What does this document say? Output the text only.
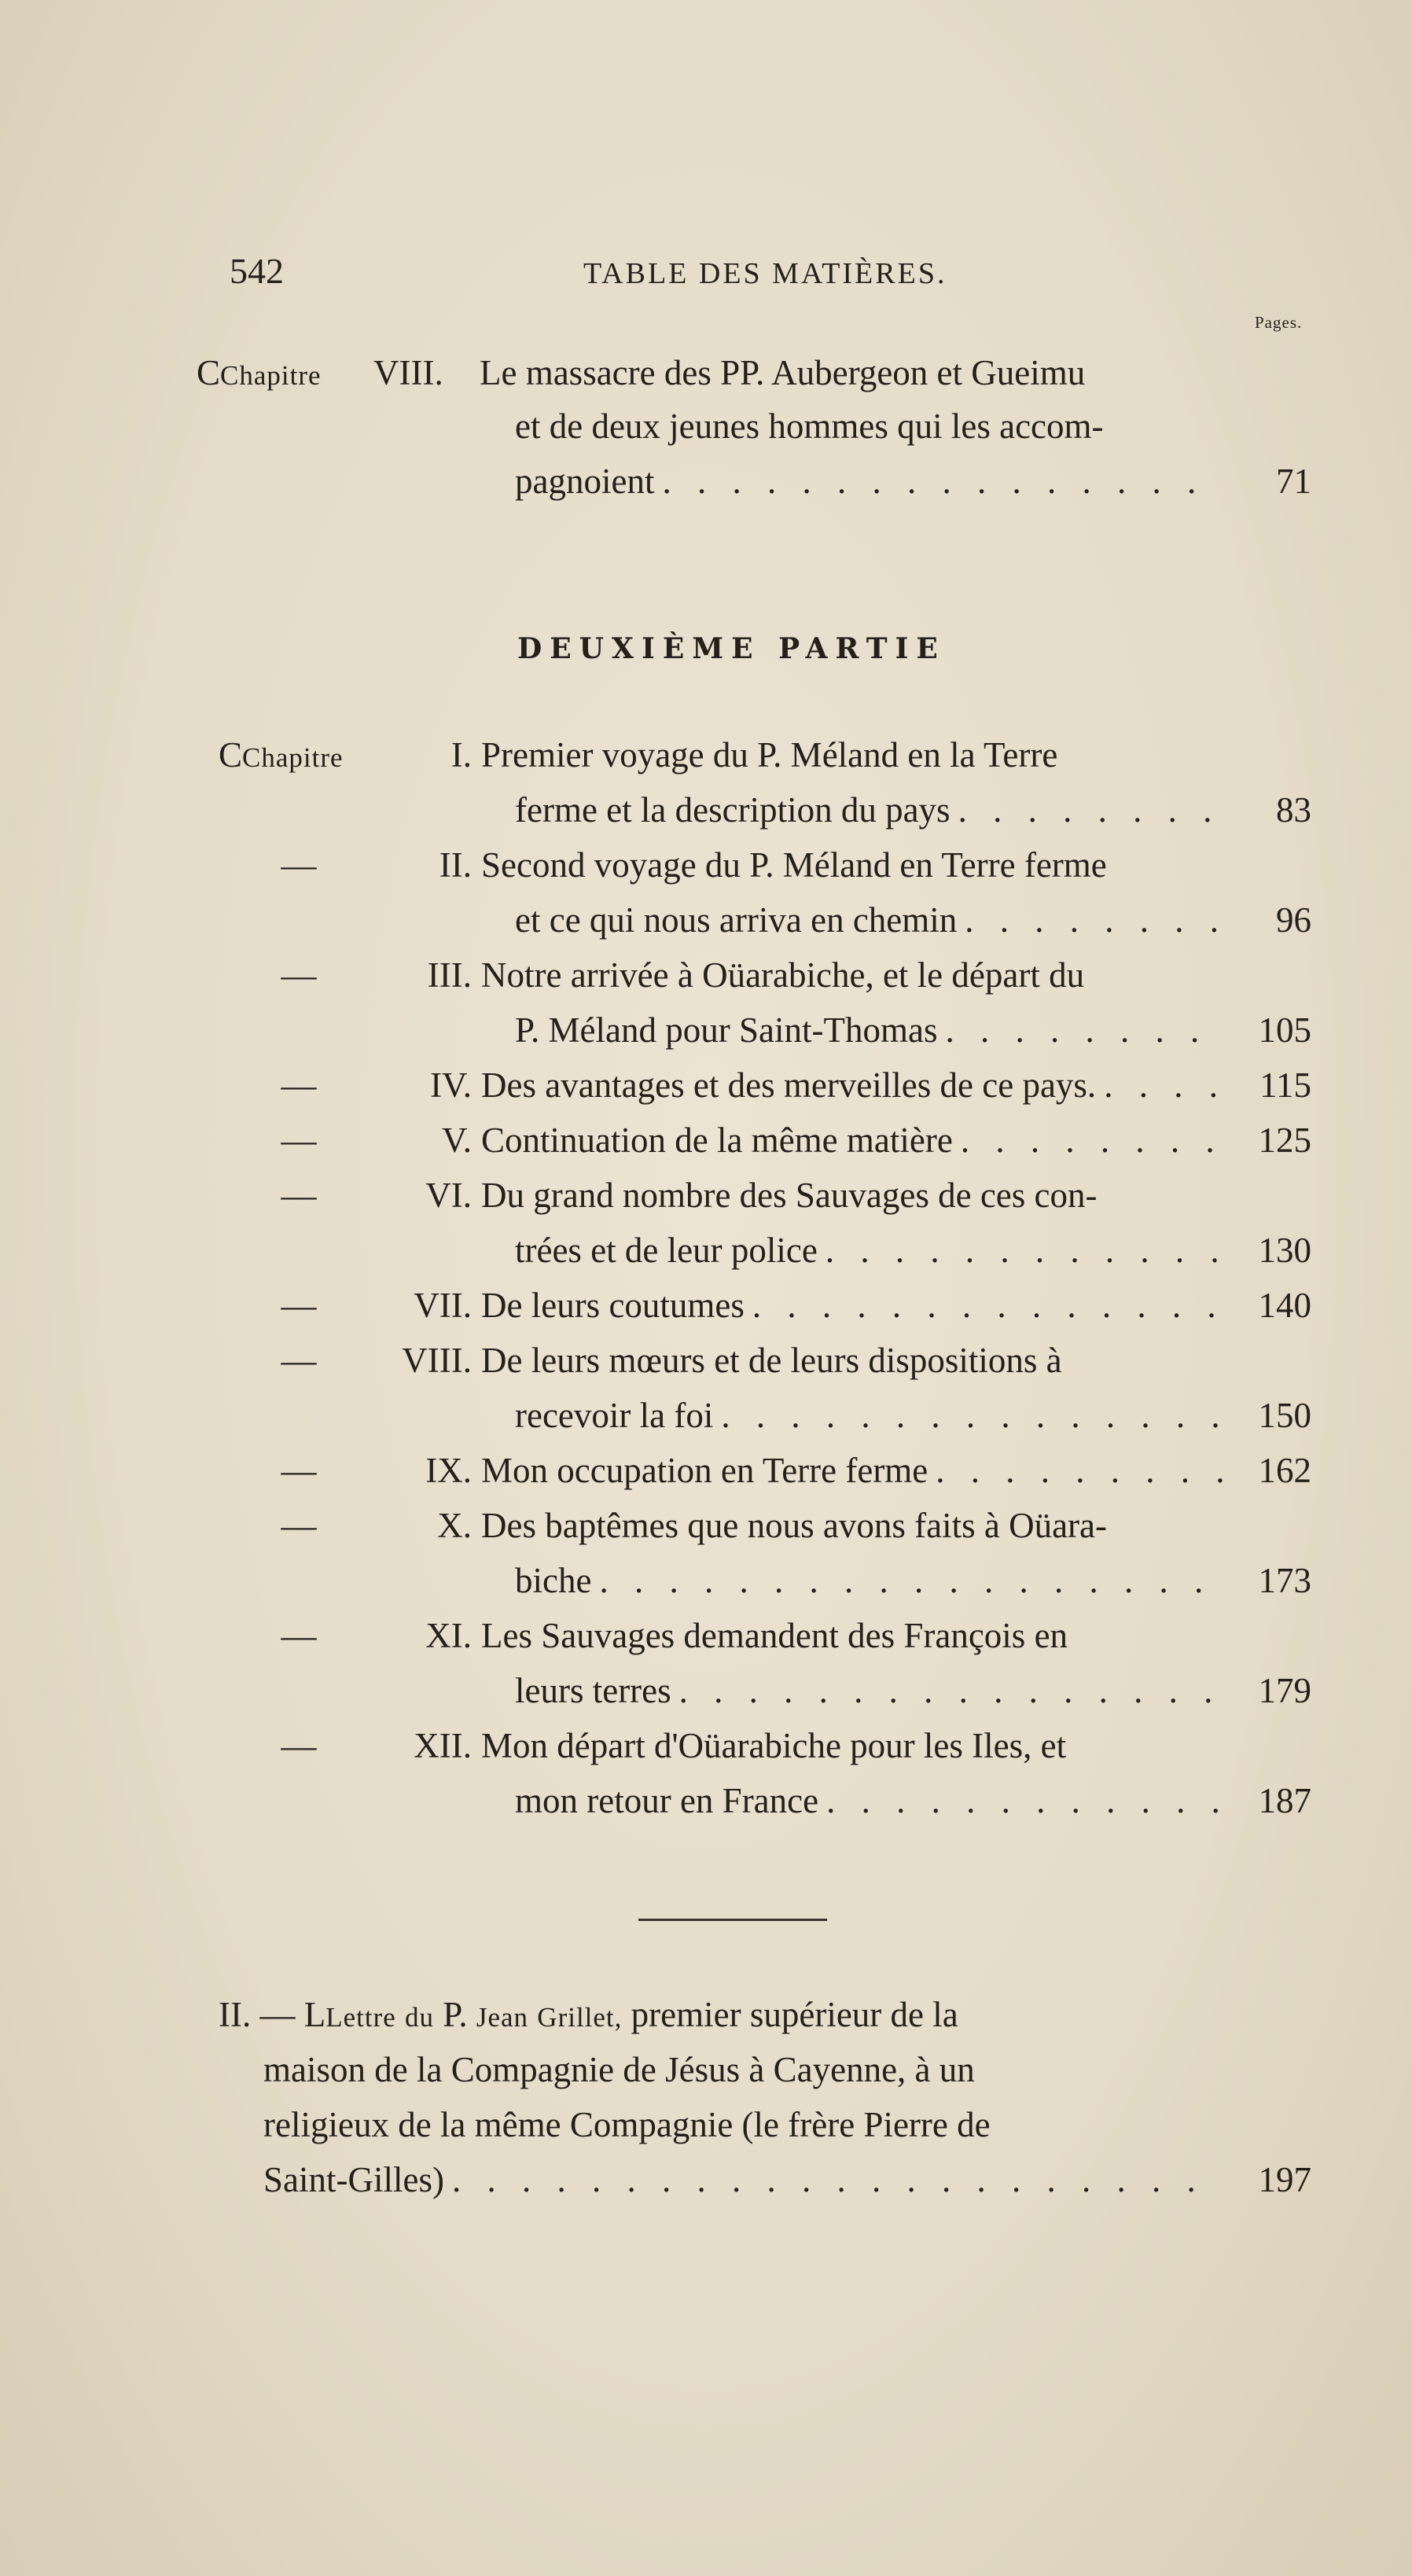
542	TABLE DES MATIÈRES.
Pages.
CChapitre VIII. Le massacre des PP. Aubergeon et Gueimu
et de deux jeunes hommes qui les accom-
pagnoient . . .	71
DEUXIÈME PARTIE
CChapitre	I. Premier voyage du P. Méland en la Terre
ferme et la description du pays . . .	83
—	II. Second voyage du P. Méland en Terre ferme
et ce qui nous arriva en chemin . . .	96
—	III. Notre arrivée à Oüarabiche, et le départ du
P. Méland pour Saint-Thomas . . .	105
—	IV. Des avantages et des merveilles de ce pays. . . .	115
—	V. Continuation de la même matière . . .	125
—	VI. Du grand nombre des Sauvages de ces con-
trées et de leur police . . .	130
—	VII. De leurs coutumes . . .	140
—	VIII. De leurs mœurs et de leurs dispositions à
recevoir la foi . . .	150
—	IX. Mon occupation en Terre ferme . . .	162
—	X. Des baptêmes que nous avons faits à Oüara-
biche . . .	173
—	XI. Les Sauvages demandent des François en
leurs terres . . .	179
—	XII. Mon départ d'Oüarabiche pour les Iles, et
mon retour en France . . .	187
II. — LLettre du P. Jean Grillet, premier supérieur de la
maison de la Compagnie de Jésus à Cayenne, à un
religieux de la même Compagnie (le frère Pierre de
Saint-Gilles) . . .	197
